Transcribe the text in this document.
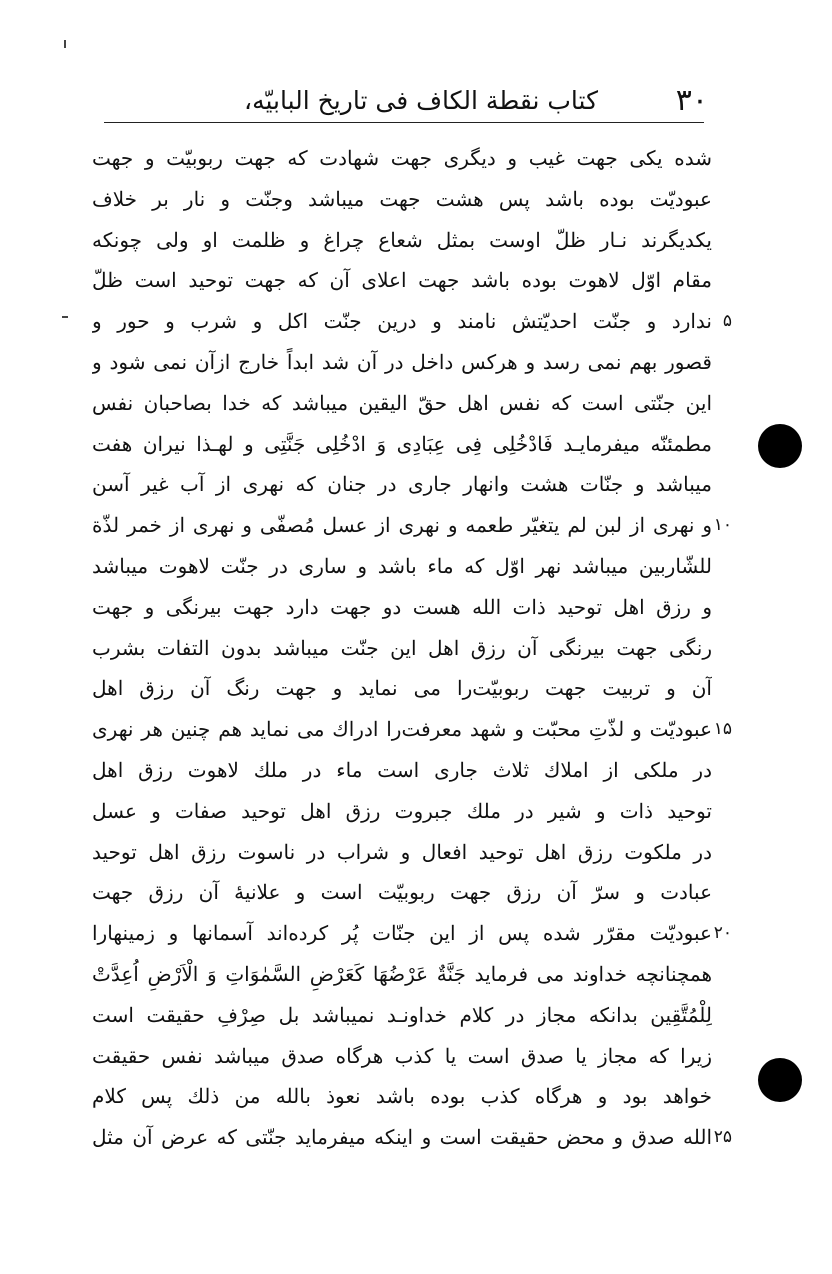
۳۰
کتاب نقطة الکاف فی تاریخ البابیّه،
شده یکی جهت غیب و دیگری جهت شهادت که جهت ربوبیّت و جهت
عبودیّت بوده باشد پس هشت جهت میباشد وجنّت و نار بر خلاف
یکدیگرند نـار ظلّ اوست بمثل شعاع چراغ و ظلمت او ولی چونکه
مقام اوّل لاهوت بوده باشد جهت اعلای آن که جهت توحید است ظلّ
ندارد و جنّت احدیّتش نامند و درین جنّت اکل و شرب و حور و
قصور بهم نمی رسد و هرکس داخل در آن شد ابداً خارج ازآن نمی شود و
این جنّتی است که نفس اهل حقّ الیقین میباشد که خدا بصاحبان نفس
مطمئنّه میفرمایـد فَادْخُلِی فِی عِبَادِی وَ ادْخُلِی جَنَّتِی و لهـذا نیران هفت
میباشد و جنّات هشت وانهار جاری در جنان که نهری از آب غیر آسن
و نهری از لبن لم یتغیّر طعمه و نهری از عسل مُصفّی و نهری از خمر لذّة
للشّاربین میباشد نهر اوّل که ماء باشد و ساری در جنّت لاهوت میباشد
و رزق اهل توحید ذات الله هست دو جهت دارد جهت بیرنگی و جهت
رنگی جهت بیرنگی آن رزق اهل این جنّت میباشد بدون التفات بشرب
آن و تربیت جهت ربوبیّت‌را می نماید و جهت رنگ آن رزق اهل
عبودیّت و لذّتِ محبّت و شهد معرفت‌را ادراك می نماید هم چنین هر نهری
در ملکی از املاك ثلاث جاری است ماء در ملك لاهوت رزق اهل
توحید ذات و شیر در ملك جبروت رزق اهل توحید صفات و عسل
در ملکوت رزق اهل توحید افعال و شراب در ناسوت رزق اهل توحید
عبادت و سرّ آن رزق جهت ربوبیّت است و علانیهٔ آن رزق جهت
عبودیّت مقرّر شده پس از این جنّات پُر کرده‌اند آسمانها و زمینها‌را
همچنانچه خداوند می فرماید جَنَّةٌ عَرْضُهَا كَعَرْضِ السَّمٰوَاتِ وَ الْاَرْضِ اُعِدَّتْ
لِلْمُتَّقِين بدانکه مجاز در کلام خداونـد نمیباشد بل صِرْفِ حقیقت است
زیرا که مجاز یا صدق است یا کذب هرگاه صدق میباشد نفس حقیقت
خواهد بود و هرگاه کذب بوده باشد نعوذ بالله من ذلك پس کلام
الله صدق و محض حقیقت است و اینکه میفرماید جنّتی که عرض آن مثل
۵
۱۰
۱۵
۲۰
۲۵
